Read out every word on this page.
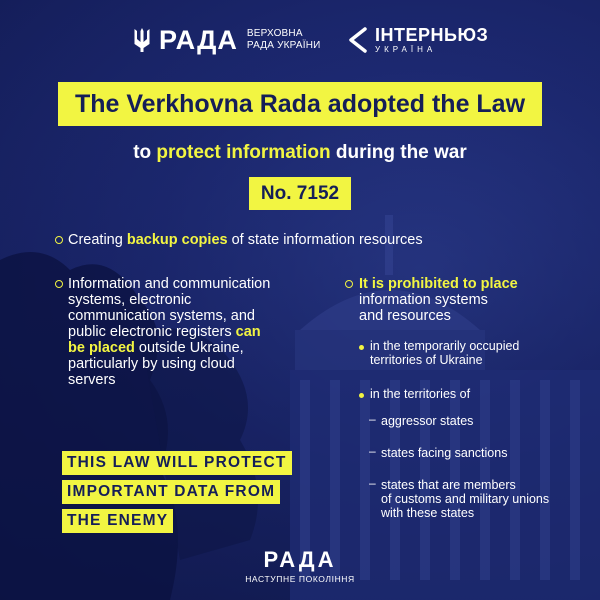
РАДА ВЕРХОВНА
РАДА УКРАЇНИ
ІНТЕРНЬЮЗ
УКРАЇНА
The Verkhovna Rada adopted the Law
to protect information during the war
No. 7152
Creating backup copies of state information resources
Information and communication
systems, electronic
communication systems, and
public electronic registers can
be placed outside Ukraine,
particularly by using cloud
servers
It is prohibited to place
information systems
and resources
in the temporarily occupied
territories of Ukraine
in the territories of
– aggressor states
– states facing sanctions
– states that are members
of customs and military unions
with these states
THIS LAW WILL PROTECT
IMPORTANT DATA FROM
THE ENEMY
РАДА
НАСТУПНЕ ПОКОЛІННЯ
